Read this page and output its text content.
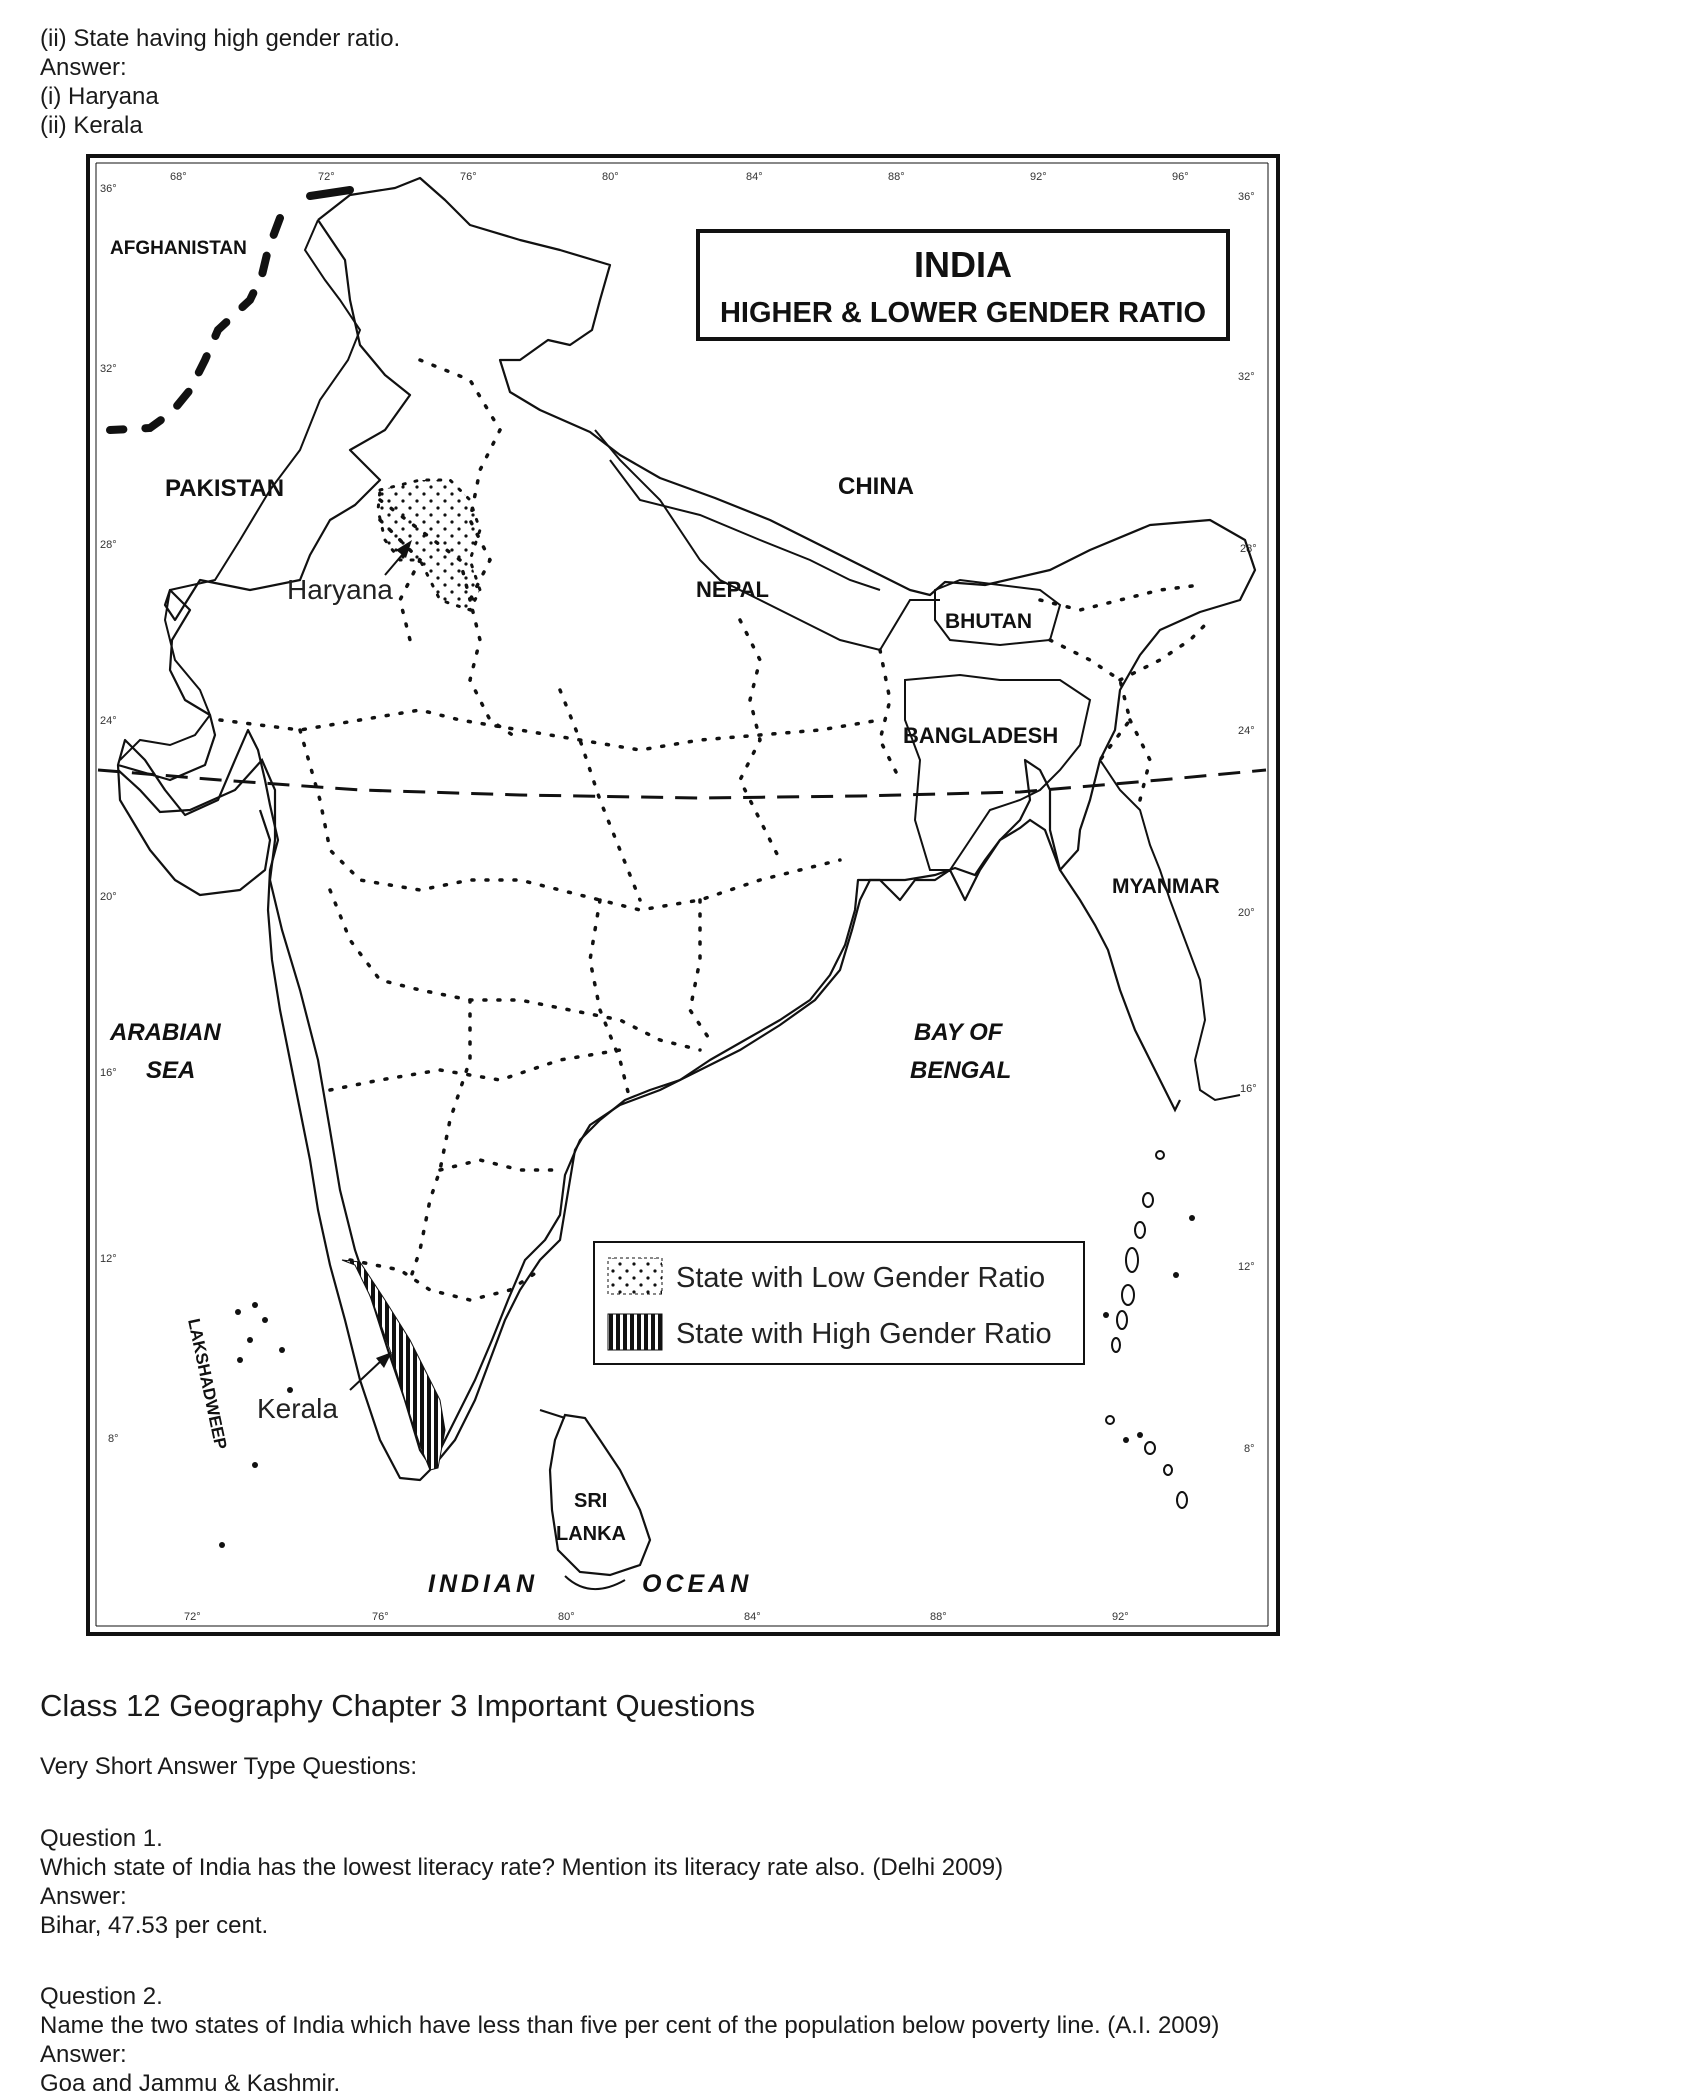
(ii) State having high gender ratio.
Answer:
(i) Haryana
(ii) Kerala
68°	72°	76°	80°	84°	88°	92°	96°
72°	76°	80°	84°	88°	92°
36°
32°
28°
24°
20°
16°
12°
8°
36°
32°
28°
24°
20°
16°
12°
8°
INDIA
HIGHER & LOWER GENDER RATIO
AFGHANISTAN
PAKISTAN	CHINA
NEPAL
BHUTAN
BANGLADESH
MYANMAR
ARABIAN
SEA
BAY OF
BENGAL
SRI
LANKA
INDIAN	OCEAN
LAKSHADWEEP
Haryana
Kerala
State with Low Gender Ratio
State with High Gender Ratio
Class 12 Geography Chapter 3 Important Questions
Very Short Answer Type Questions:
Question 1.
Which state of India has the lowest literacy rate? Mention its literacy rate also. (Delhi 2009)
Answer:
Bihar, 47.53 per cent.
Question 2.
Name the two states of India which have less than five per cent of the population below poverty line. (A.I. 2009)
Answer:
Goa and Jammu & Kashmir.
